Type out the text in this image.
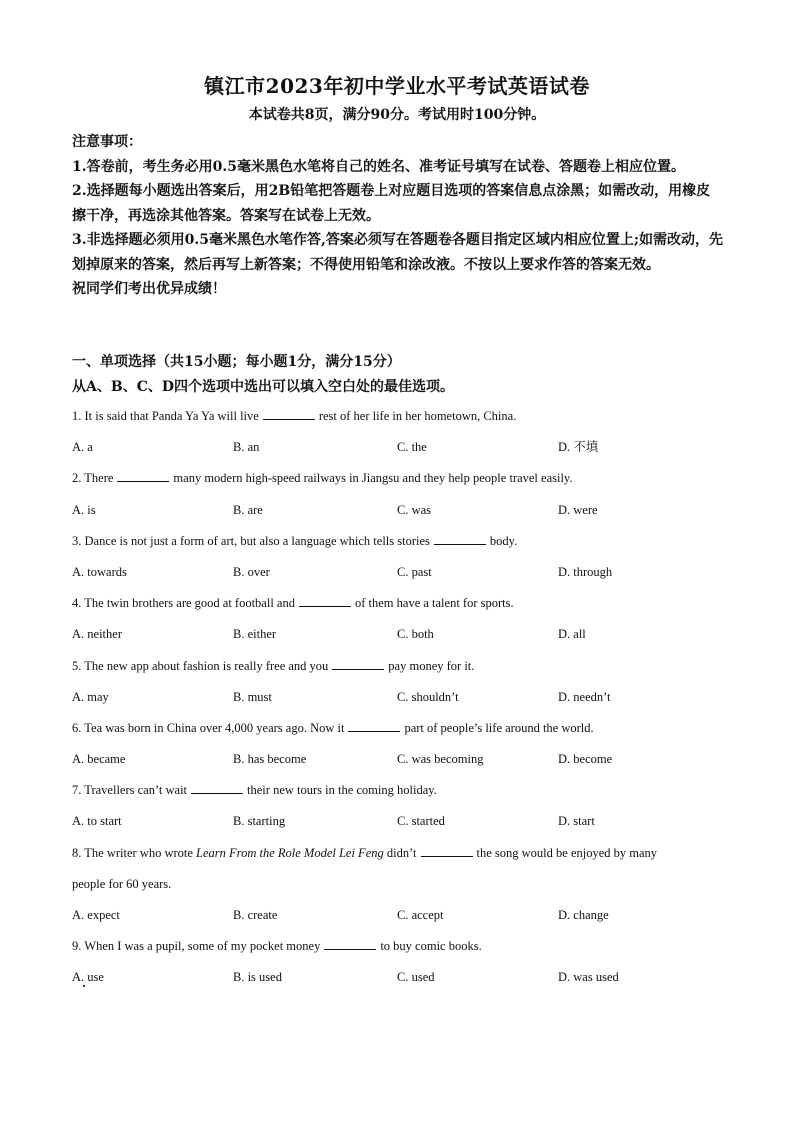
镇江市2023年初中学业水平考试英语试卷
本试卷共8页，满分90分。考试用时100分钟。

注意事项：

1.答卷前，考生务必用0.5毫米黑色水笔将自己的姓名、准考证号填写在试卷、答题卷上相应位置。

2.选择题每小题选出答案后，用2B铅笔把答题卷上对应题目选项的答案信息点涂黑；如需改动，用橡皮擦干净，再选涂其他答案。答案写在试卷上无效。

3.非选择题必须用0.5毫米黑色水笔作答,答案必须写在答题卷各题目指定区域内相应位置上;如需改动，先划掉原来的答案，然后再写上新答案；不得使用铅笔和涂改液。不按以上要求作答的答案无效。

祝同学们考出优异成绩！

一、单项选择（共15小题；每小题1分，满分15分）

从A、B、C、D四个选项中选出可以填入空白处的最佳选项。

1. It is said that Panda Ya Ya will live	rest of her life in her hometown, China.
A. a	B. an	C. the	D. 不填
2. There	many modern high-speed railways in Jiangsu and they help people travel easily.
A. is	B. are	C. was	D. were
3. Dance is not just a form of art, but also a language which tells stories	body.
A. towards	B. over	C. past	D. through
4. The twin brothers are good at football and	of them have a talent for sports.
A. neither	B. either	C. both	D. all
5. The new app about fashion is really free and you	pay money for it.
A. may	B. must	C. shouldn’t	D. needn’t
6. Tea was born in China over 4,000 years ago. Now it	part of people’s life around the world.
A. became	B. has become	C. was becoming	D. become
7. Travellers can’t wait	their new tours in the coming holiday.
A. to start	B. starting	C. started	D. start
8. The writer who wrote Learn From the Role Model Lei Feng didn’t	the song would be enjoyed by many
people for 60 years.
A. expect	B. create	C. accept	D. change
9. When I was a pupil, some of my pocket money	to buy comic books.
A. use	B. is used	C. used	D. was used
